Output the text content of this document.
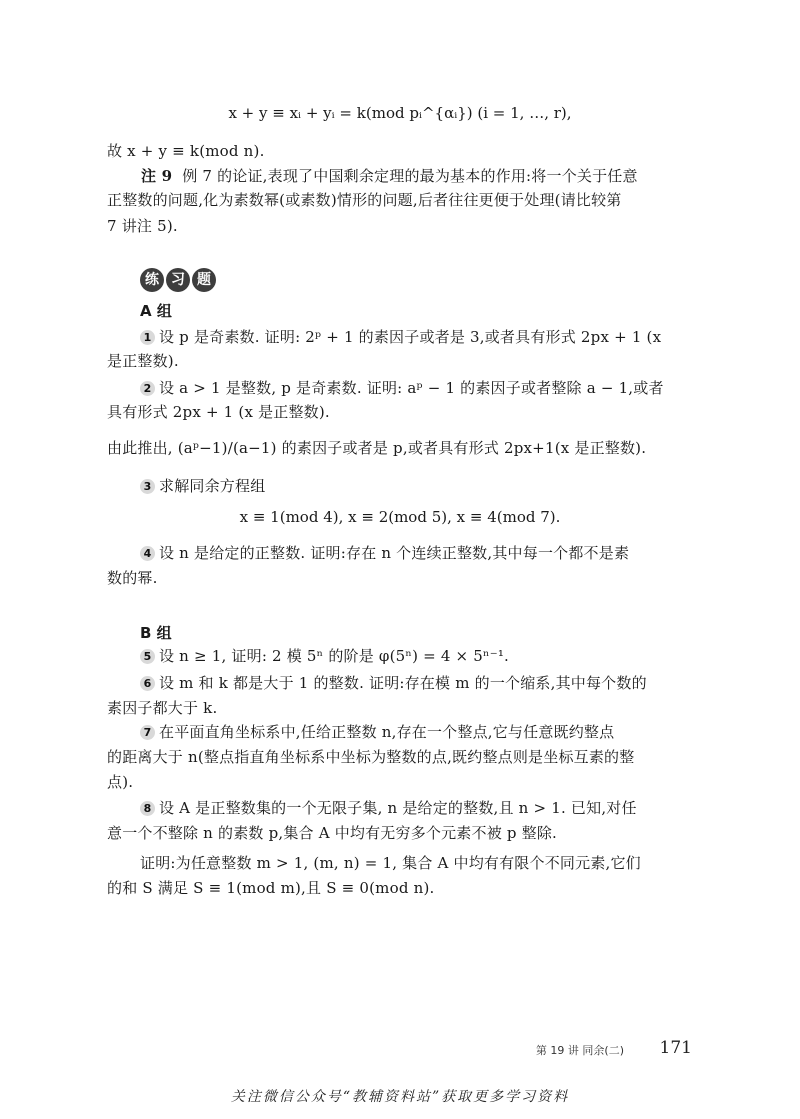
x + y ≡ xᵢ + yᵢ = k(mod pᵢ^{αᵢ}) (i = 1, …, r),
故 x + y ≡ k(mod n).
注 9 例 7 的论证,表现了中国剩余定理的最为基本的作用:将一个关于任意
正整数的问题,化为素数幂(或素数)情形的问题,后者往往更便于处理(请比较第
7 讲注 5).
练 习 题
A 组
1 设 p 是奇素数. 证明: 2ᵖ + 1 的素因子或者是 3,或者具有形式 2px + 1 (x
是正整数).
2 设 a > 1 是整数, p 是奇素数. 证明: aᵖ − 1 的素因子或者整除 a − 1,或者
具有形式 2px + 1 (x 是正整数).
由此推出, (aᵖ−1)/(a−1) 的素因子或者是 p,或者具有形式 2px+1(x 是正整数).
3 求解同余方程组
x ≡ 1(mod 4), x ≡ 2(mod 5), x ≡ 4(mod 7).
4 设 n 是给定的正整数. 证明:存在 n 个连续正整数,其中每一个都不是素
数的幂.
B 组
5 设 n ≥ 1, 证明: 2 模 5ⁿ 的阶是 φ(5ⁿ) = 4 × 5ⁿ⁻¹.
6 设 m 和 k 都是大于 1 的整数. 证明:存在模 m 的一个缩系,其中每个数的
素因子都大于 k.
7 在平面直角坐标系中,任给正整数 n,存在一个整点,它与任意既约整点
的距离大于 n(整点指直角坐标系中坐标为整数的点,既约整点则是坐标互素的整
点).
8 设 A 是正整数集的一个无限子集, n 是给定的整数,且 n > 1. 已知,对任
意一个不整除 n 的素数 p,集合 A 中均有无穷多个元素不被 p 整除.
证明:为任意整数 m > 1, (m, n) = 1, 集合 A 中均有有限个不同元素,它们
的和 S 满足 S ≡ 1(mod m),且 S ≡ 0(mod n).
第 19 讲 同余(二) 171
关注微信公众号“教辅资料站”获取更多学习资料
